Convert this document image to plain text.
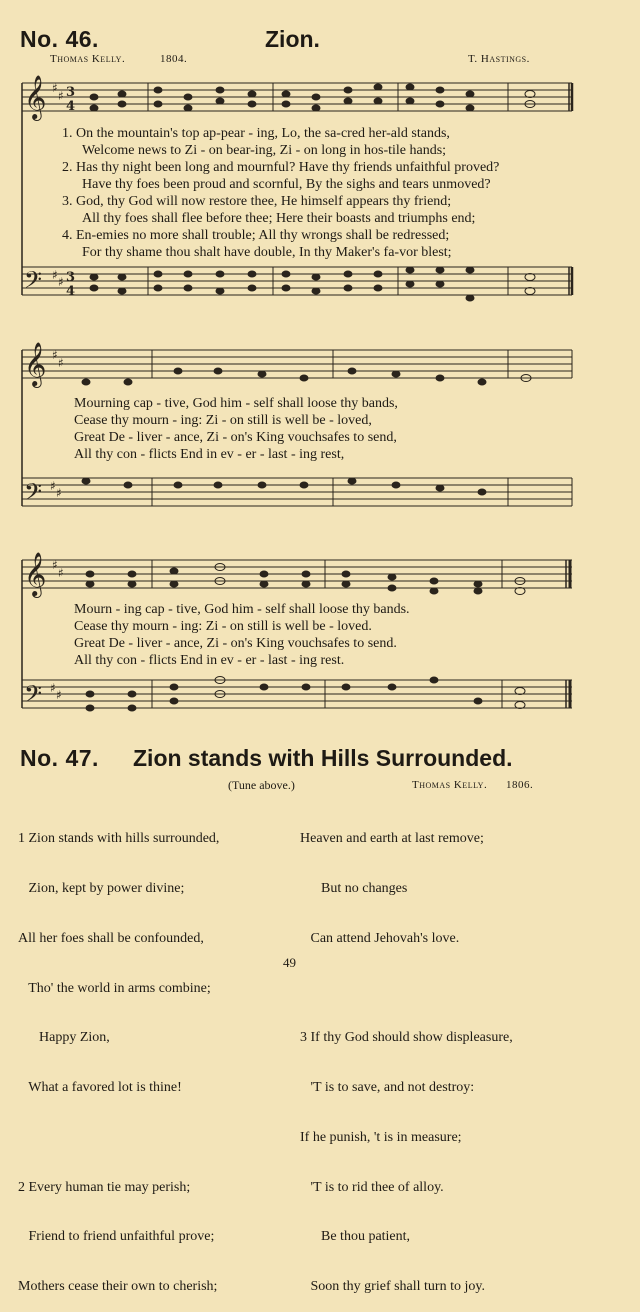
No. 46.	Zion.
Thomas Kelly.	1804.	T. Hastings.
𝄞
𝄢
𝄞
𝄢
𝄞
𝄢
♯
♯
♯ ♯
♯
♯
♯ ♯
♯
♯
♯ ♯
3
4
3
4
1. On the mountain's top ap-pear - ing, Lo, the sa-cred her-ald stands,
Welcome news to Zi - on bear-ing, Zi - on long in hos-tile hands;
2. Has thy night been long and mournful? Have thy friends unfaithful proved?
Have thy foes been proud and scornful, By the sighs and tears unmoved?
3. God, thy God will now restore thee, He himself appears thy friend;
All thy foes shall flee before thee; Here their boasts and triumphs end;
4. En-emies no more shall trouble; All thy wrongs shall be redressed;
For thy shame thou shalt have double, In thy Maker's fa-vor blest;
Mourning cap - tive, God him - self shall loose thy bands,
Cease thy mourn - ing: Zi - on still is well be - loved,
Great De - liver - ance, Zi - on's King vouchsafes to send,
All thy con - flicts End in ev - er - last - ing rest,
Mourn - ing cap - tive, God him - self shall loose thy bands.
Cease thy mourn - ing: Zi - on still is well be - loved.
Great De - liver - ance, Zi - on's King vouchsafes to send.
All thy con - flicts End in ev - er - last - ing rest.
No. 47. Zion stands with Hills Surrounded.
(Tune above.)	Thomas Kelly. 1806.

1 Zion stands with hills surrounded,

Zion, kept by power divine;

All her foes shall be confounded,

Tho' the world in arms combine;

Happy Zion,

What a favored lot is thine!

2 Every human tie may perish;

Friend to friend unfaithful prove;

Mothers cease their own to cherish;

Heaven and earth at last remove;

But no changes

Can attend Jehovah's love.

3 If thy God should show displeasure,

'T is to save, and not destroy:

If he punish, 't is in measure;

'T is to rid thee of alloy.

Be thou patient,

Soon thy grief shall turn to joy.

49
